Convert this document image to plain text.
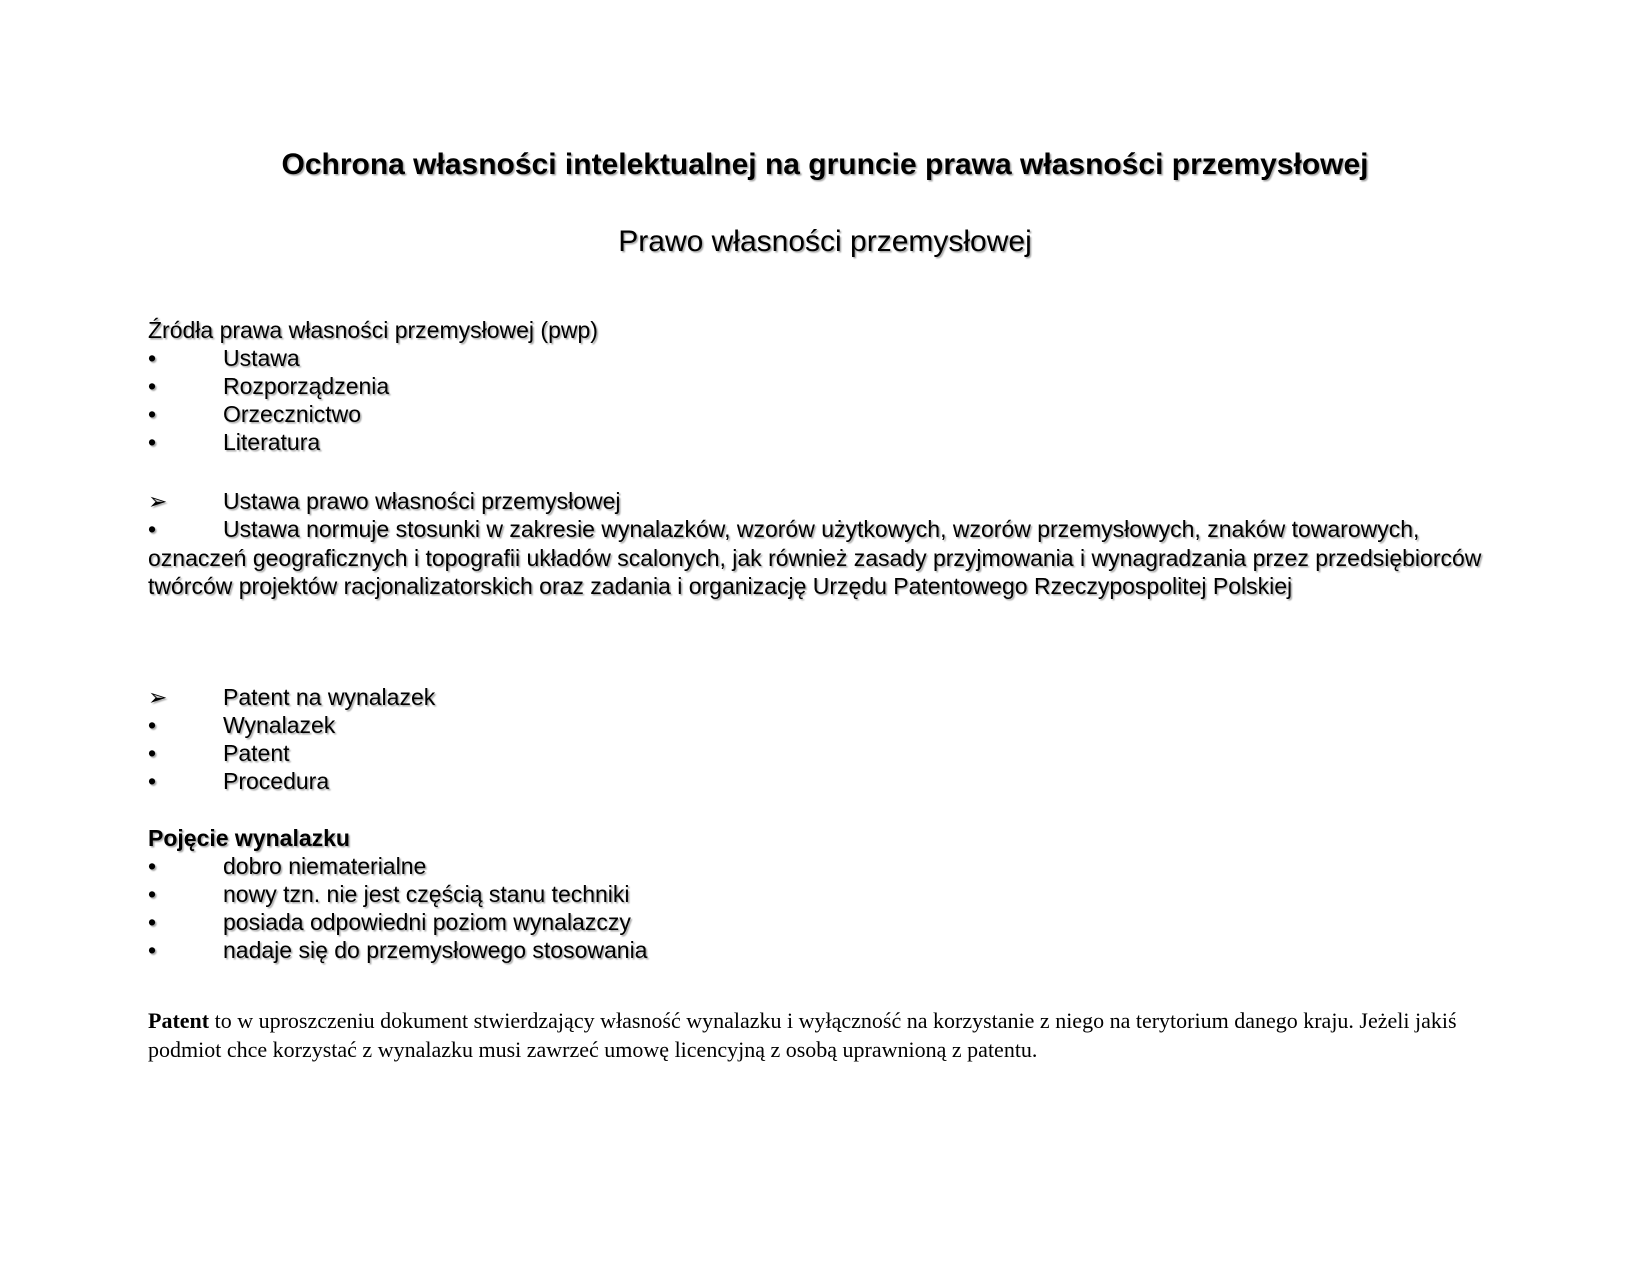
Ochrona własności intelektualnej na gruncie prawa własności przemysłowej
Prawo własności przemysłowej
Źródła prawa własności przemysłowej (pwp)
•	Ustawa
•	Rozporządzenia
•	Orzecznictwo
•	Literatura
➢ Ustawa prawo własności przemysłowej
•	Ustawa normuje stosunki w zakresie wynalazków, wzorów użytkowych, wzorów przemysłowych, znaków towarowych, oznaczeń geograficznych i topografii układów scalonych, jak również zasady przyjmowania i wynagradzania przez przedsiębiorców twórców projektów racjonalizatorskich oraz zadania i organizację Urzędu Patentowego Rzeczypospolitej Polskiej
➢ Patent na wynalazek
•	Wynalazek
•	Patent
•	Procedura
Pojęcie wynalazku
•	dobro niematerialne
•	nowy tzn. nie jest częścią stanu techniki
•	posiada odpowiedni poziom wynalazczy
•	nadaje się do przemysłowego stosowania
Patent to w uproszczeniu dokument stwierdzający własność wynalazku i wyłączność na korzystanie z niego na terytorium danego kraju. Jeżeli jakiś podmiot chce korzystać z wynalazku musi zawrzeć umowę licencyjną z osobą uprawnioną z patentu.
